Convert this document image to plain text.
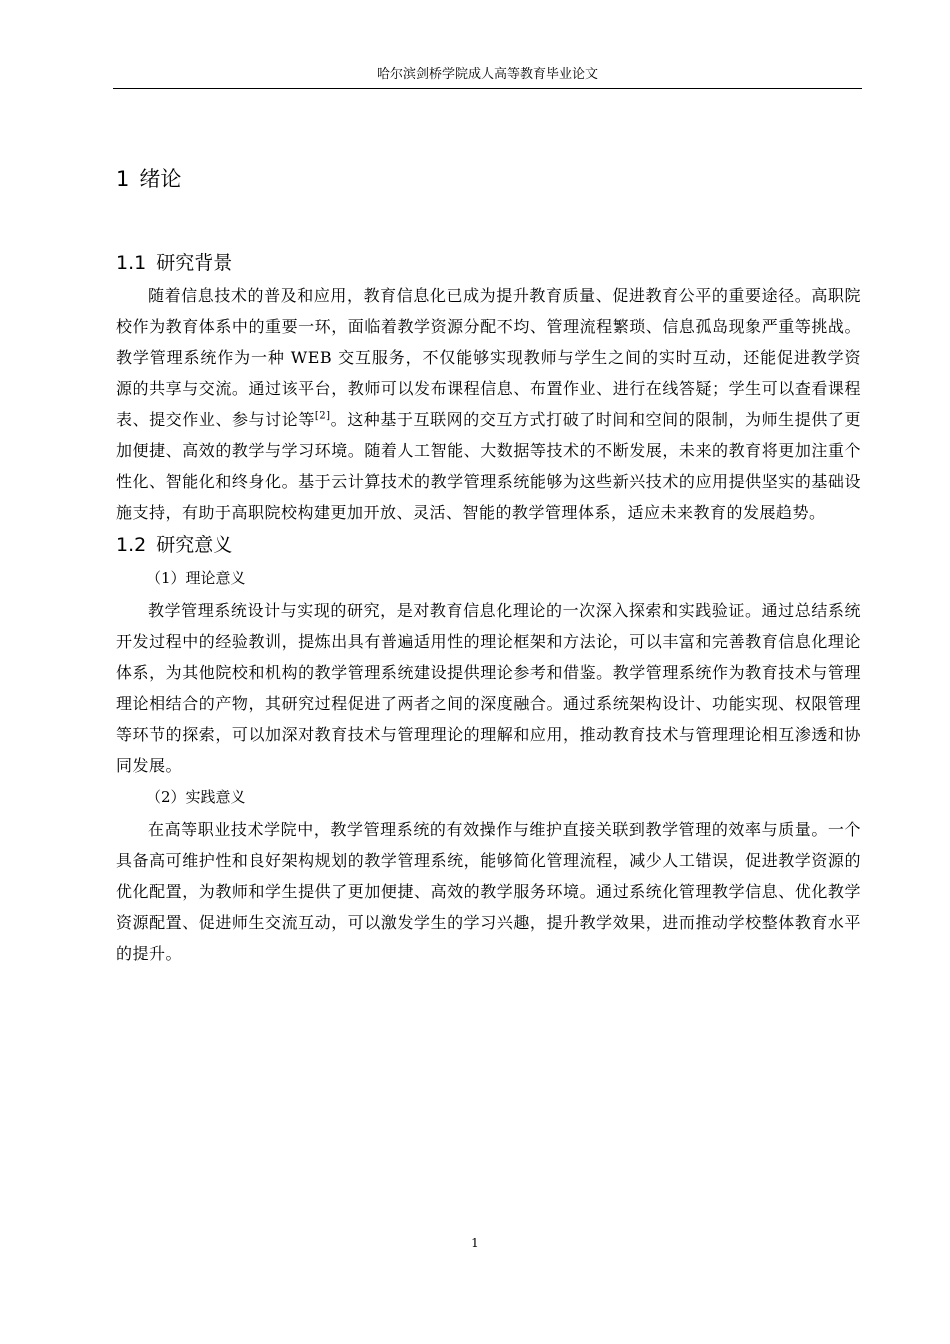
哈尔滨剑桥学院成人高等教育毕业论文
1 绪论
1.1 研究背景

随着信息技术的普及和应用，教育信息化已成为提升教育质量、促进教育公平的重要途径。高职院校作为教育体系中的重要一环，面临着教学资源分配不均、管理流程繁琐、信息孤岛现象严重等挑战。教学管理系统作为一种 WEB 交互服务，不仅能够实现教师与学生之间的实时互动，还能促进教学资源的共享与交流。通过该平台，教师可以发布课程信息、布置作业、进行在线答疑；学生可以查看课程表、提交作业、参与讨论等[2]。这种基于互联网的交互方式打破了时间和空间的限制，为师生提供了更加便捷、高效的教学与学习环境。随着人工智能、大数据等技术的不断发展，未来的教育将更加注重个性化、智能化和终身化。基于云计算技术的教学管理系统能够为这些新兴技术的应用提供坚实的基础设施支持，有助于高职院校构建更加开放、灵活、智能的教学管理体系，适应未来教育的发展趋势。

1.2 研究意义

（1）理论意义

教学管理系统设计与实现的研究，是对教育信息化理论的一次深入探索和实践验证。通过总结系统开发过程中的经验教训，提炼出具有普遍适用性的理论框架和方法论，可以丰富和完善教育信息化理论体系，为其他院校和机构的教学管理系统建设提供理论参考和借鉴。教学管理系统作为教育技术与管理理论相结合的产物，其研究过程促进了两者之间的深度融合。通过系统架构设计、功能实现、权限管理等环节的探索，可以加深对教育技术与管理理论的理解和应用，推动教育技术与管理理论相互渗透和协同发展。

（2）实践意义

在高等职业技术学院中，教学管理系统的有效操作与维护直接关联到教学管理的效率与质量。一个具备高可维护性和良好架构规划的教学管理系统，能够简化管理流程，减少人工错误，促进教学资源的优化配置，为教师和学生提供了更加便捷、高效的教学服务环境。通过系统化管理教学信息、优化教学资源配置、促进师生交流互动，可以激发学生的学习兴趣，提升教学效果，进而推动学校整体教育水平的提升。

1
